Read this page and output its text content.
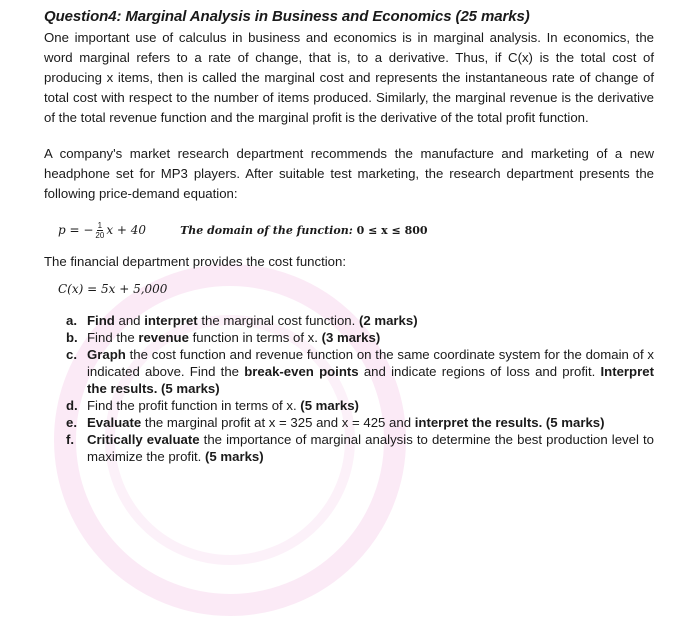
Question4: Marginal Analysis in Business and Economics (25 marks)

One important use of calculus in business and economics is in marginal analysis. In economics, the word marginal refers to a rate of change, that is, to a derivative. Thus, if C(x) is the total cost of producing x items, then is called the marginal cost and represents the instantaneous rate of change of total cost with respect to the number of items produced. Similarly, the marginal revenue is the derivative of the total revenue function and the marginal profit is the derivative of the total profit function.

A company's market research department recommends the manufacture and marketing of a new headphone set for MP3 players. After suitable test marketing, the research department presents the following price-demand equation:

p = − $\frac{1}{20}$ x + 40	The domain of the function: 0 ≤ x ≤ 800

The financial department provides the cost function:

C(x) = 5x + 5,000
a. Find and interpret the marginal cost function. (2 marks)
b. Find the revenue function in terms of x. (3 marks)
c. Graph the cost function and revenue function on the same coordinate system for the domain of x indicated above. Find the break-even points and indicate regions of loss and profit. Interpret the results. (5 marks)
d. Find the profit function in terms of x. (5 marks)
e. Evaluate the marginal profit at x = 325 and x = 425 and interpret the results. (5 marks)
f. Critically evaluate the importance of marginal analysis to determine the best production level to maximize the profit. (5 marks)
